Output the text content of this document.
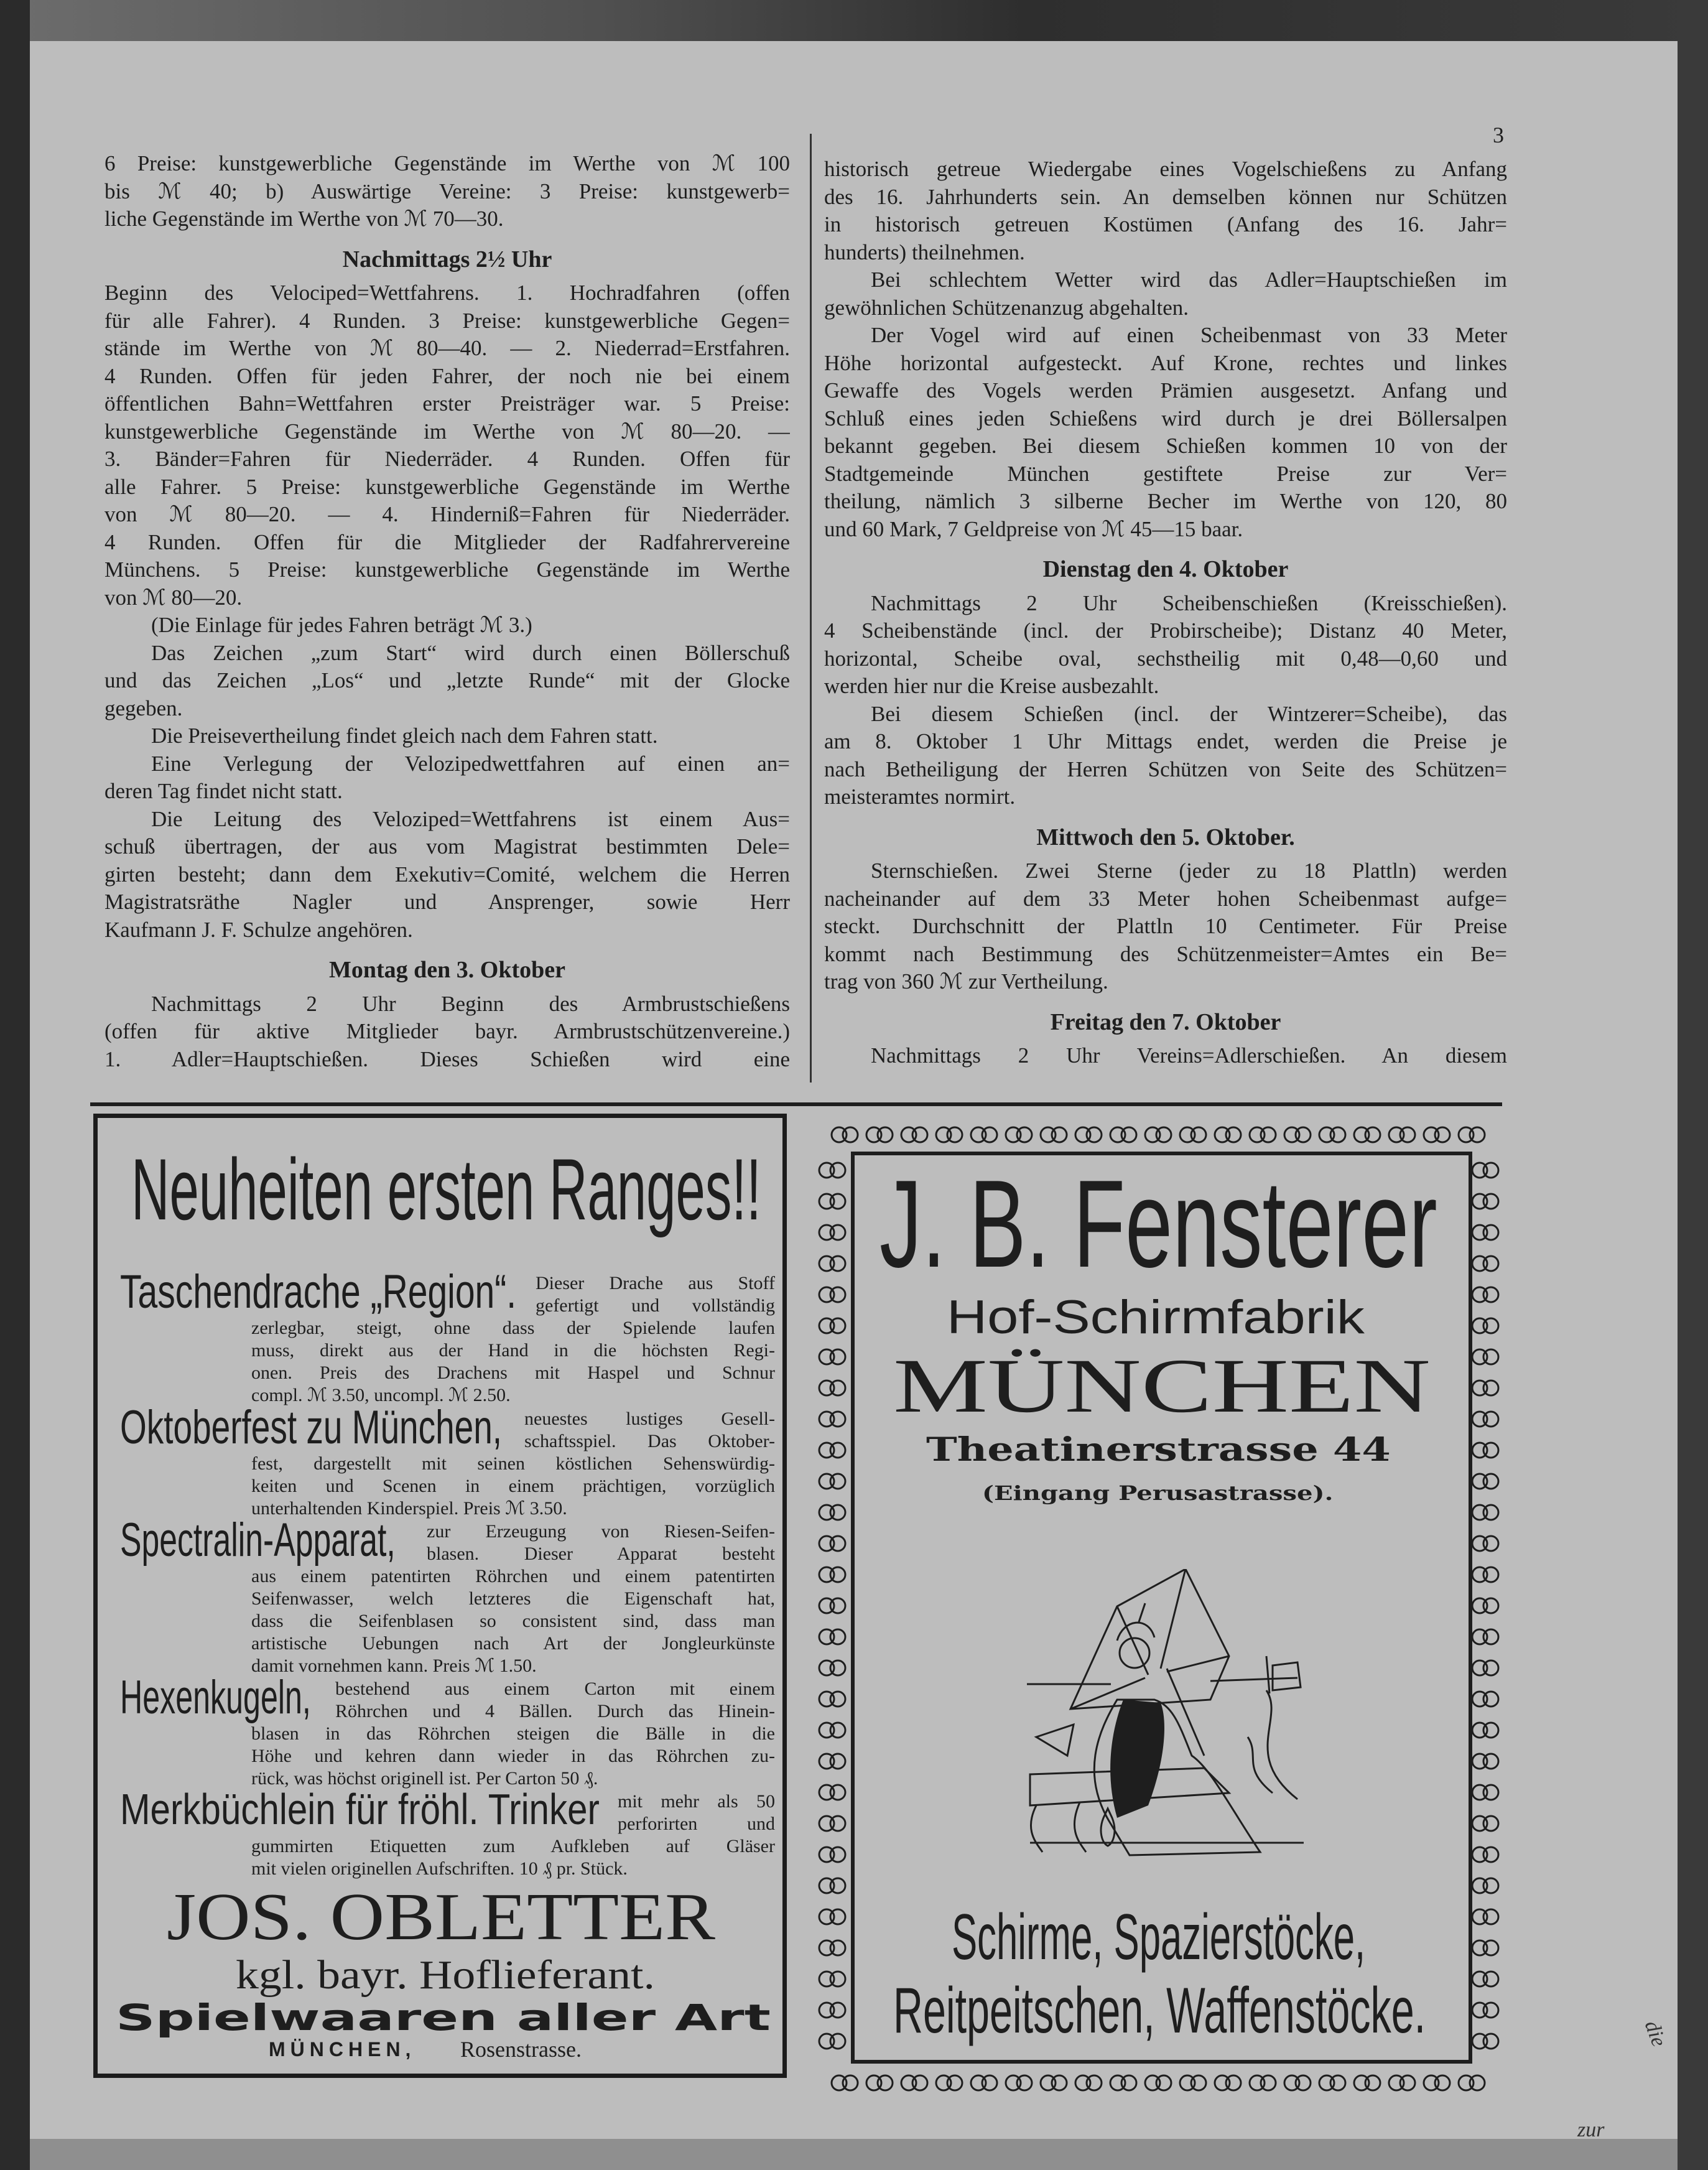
3
6 Preise: kunstgewerbliche Gegenstände im Werthe von ℳ 100
bis ℳ 40; b) Auswärtige Vereine: 3 Preise: kunstgewerb=
liche Gegenstände im Werthe von ℳ 70—30.
Nachmittags 2½ Uhr
Beginn des Velociped=Wettfahrens. 1. Hochradfahren (offen
für alle Fahrer). 4 Runden. 3 Preise: kunstgewerbliche Gegen=
stände im Werthe von ℳ 80—40. — 2. Niederrad=Erstfahren.
4 Runden. Offen für jeden Fahrer, der noch nie bei einem
öffentlichen Bahn=Wettfahren erster Preisträger war. 5 Preise:
kunstgewerbliche Gegenstände im Werthe von ℳ 80—20. —
3. Bänder=Fahren für Niederräder. 4 Runden. Offen für
alle Fahrer. 5 Preise: kunstgewerbliche Gegenstände im Werthe
von ℳ 80—20. — 4. Hinderniß=Fahren für Niederräder.
4 Runden. Offen für die Mitglieder der Radfahrervereine
Münchens. 5 Preise: kunstgewerbliche Gegenstände im Werthe
von ℳ 80—20.
(Die Einlage für jedes Fahren beträgt ℳ 3.)
Das Zeichen „zum Start“ wird durch einen Böllerschuß
und das Zeichen „Los“ und „letzte Runde“ mit der Glocke
gegeben.
Die Preisevertheilung findet gleich nach dem Fahren statt.
Eine Verlegung der Velozipedwettfahren auf einen an=
deren Tag findet nicht statt.
Die Leitung des Veloziped=Wettfahrens ist einem Aus=
schuß übertragen, der aus vom Magistrat bestimmten Dele=
girten besteht; dann dem Exekutiv=Comité, welchem die Herren
Magistratsräthe Nagler und Ansprenger, sowie Herr
Kaufmann J. F. Schulze angehören.
Montag den 3. Oktober
Nachmittags 2 Uhr Beginn des Armbrustschießens
(offen für aktive Mitglieder bayr. Armbrustschützenvereine.)
1. Adler=Hauptschießen. Dieses Schießen wird eine
historisch getreue Wiedergabe eines Vogelschießens zu Anfang
des 16. Jahrhunderts sein. An demselben können nur Schützen
in historisch getreuen Kostümen (Anfang des 16. Jahr=
hunderts) theilnehmen.
Bei schlechtem Wetter wird das Adler=Hauptschießen im
gewöhnlichen Schützenanzug abgehalten.
Der Vogel wird auf einen Scheibenmast von 33 Meter
Höhe horizontal aufgesteckt. Auf Krone, rechtes und linkes
Gewaffe des Vogels werden Prämien ausgesetzt. Anfang und
Schluß eines jeden Schießens wird durch je drei Böllersalpen
bekannt gegeben. Bei diesem Schießen kommen 10 von der
Stadtgemeinde München gestiftete Preise zur Ver=
theilung, nämlich 3 silberne Becher im Werthe von 120, 80
und 60 Mark, 7 Geldpreise von ℳ 45—15 baar.
Dienstag den 4. Oktober
Nachmittags 2 Uhr Scheibenschießen (Kreisschießen).
4 Scheibenstände (incl. der Probirscheibe); Distanz 40 Meter,
horizontal, Scheibe oval, sechstheilig mit 0,48—0,60 und
werden hier nur die Kreise ausbezahlt.
Bei diesem Schießen (incl. der Wintzerer=Scheibe), das
am 8. Oktober 1 Uhr Mittags endet, werden die Preise je
nach Betheiligung der Herren Schützen von Seite des Schützen=
meisteramtes normirt.
Mittwoch den 5. Oktober.
Sternschießen. Zwei Sterne (jeder zu 18 Plattln) werden
nacheinander auf dem 33 Meter hohen Scheibenmast aufge=
steckt. Durchschnitt der Plattln 10 Centimeter. Für Preise
kommt nach Bestimmung des Schützenmeister=Amtes ein Be=
trag von 360 ℳ zur Vertheilung.
Freitag den 7. Oktober
Nachmittags 2 Uhr Vereins=Adlerschießen. An diesem
Neuheiten ersten Ranges!!
JOS. OBLETTER
kgl. bayr. Hoflieferant.
Spielwaaren aller Art
MÜNCHEN, Rosenstrasse.
Taschendrache „Region“. Dieser Drache aus Stoff
gefertigt und vollständig
zerlegbar, steigt, ohne dass der Spielende laufen
muss, direkt aus der Hand in die höchsten Regi-
onen. Preis des Drachens mit Haspel und Schnur
compl. ℳ 3.50, uncompl. ℳ 2.50.
Oktoberfest zu München, neuestes lustiges Gesell-
schaftsspiel. Das Oktober-
fest, dargestellt mit seinen köstlichen Sehenswürdig-
keiten und Scenen in einem prächtigen, vorzüglich
unterhaltenden Kinderspiel. Preis ℳ 3.50.
Spectralin-Apparat, zur Erzeugung von Riesen-Seifen-
blasen. Dieser Apparat besteht
aus einem patentirten Röhrchen und einem patentirten
Seifenwasser, welch letzteres die Eigenschaft hat,
dass die Seifenblasen so consistent sind, dass man
artistische Uebungen nach Art der Jongleurkünste
damit vornehmen kann. Preis ℳ 1.50.
Hexenkugeln, bestehend aus einem Carton mit einem
Röhrchen und 4 Bällen. Durch das Hinein-
blasen in das Röhrchen steigen die Bälle in die
Höhe und kehren dann wieder in das Röhrchen zu-
rück, was höchst originell ist. Per Carton 50 ₰.
Merkbüchlein für fröhl. Trinker mit mehr als 50
perforirten und
gummirten Etiquetten zum Aufkleben auf Gläser
mit vielen originellen Aufschriften. 10 ₰ pr. Stück.
J. B. Fensterer
Hof-Schirmfabrik
MÜNCHEN
Theatinerstrasse 44
(Eingang Perusastrasse).
Schirme, Spazierstöcke,
Reitpeitschen, Waffenstöcke.	die
zur
